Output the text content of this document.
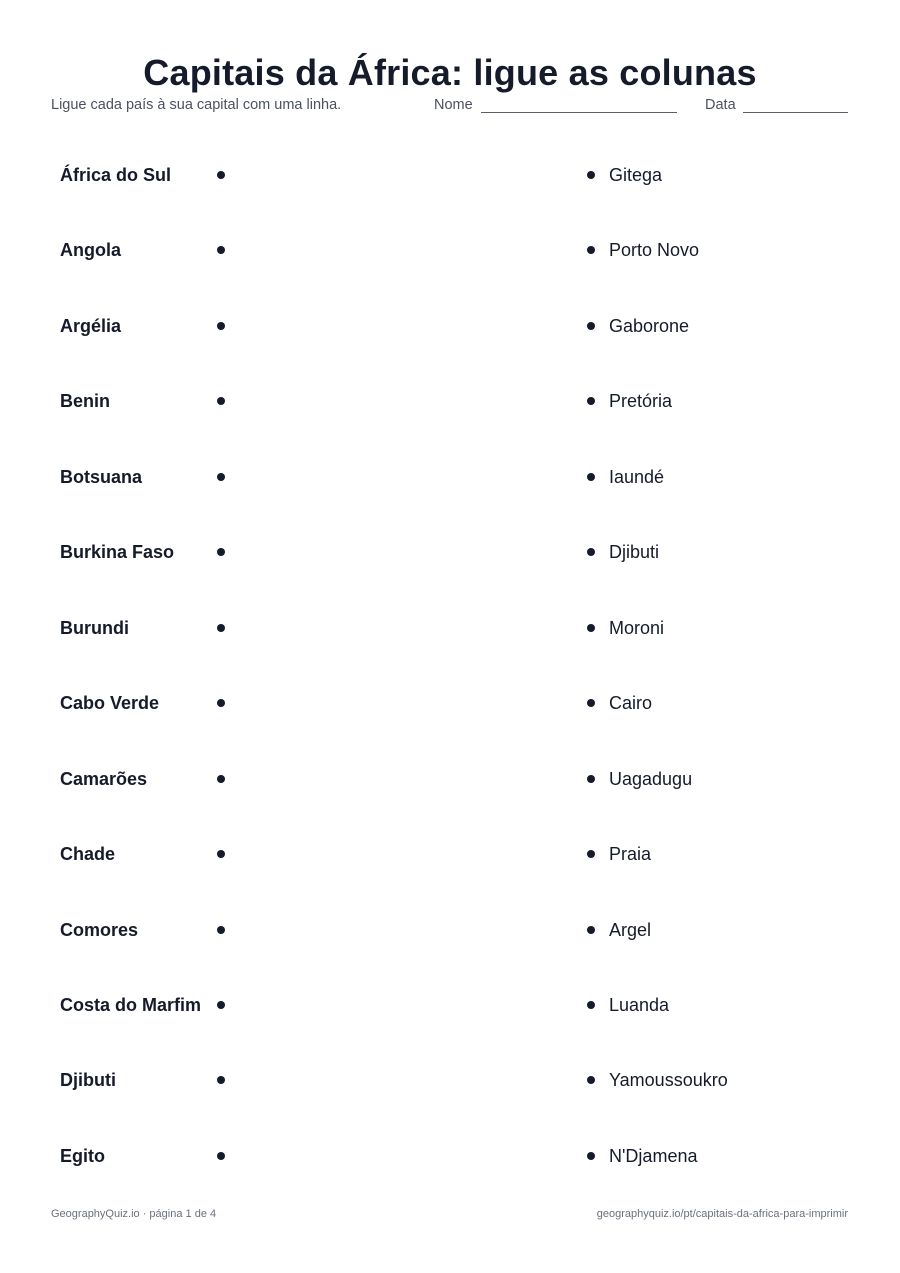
Capitais da África: ligue as colunas
Ligue cada país à sua capital com uma linha.	Nome	Data
África do Sul	Gitega
Angola	Porto Novo
Argélia	Gaborone
Benin	Pretória
Botsuana	Iaundé
Burkina Faso	Djibuti
Burundi	Moroni
Cabo Verde	Cairo
Camarões	Uagadugu
Chade	Praia
Comores	Argel
Costa do Marfim	Luanda
Djibuti	Yamoussoukro
Egito	N'Djamena
GeographyQuiz.io · página 1 de 4	geographyquiz.io/pt/capitais-da-africa-para-imprimir
